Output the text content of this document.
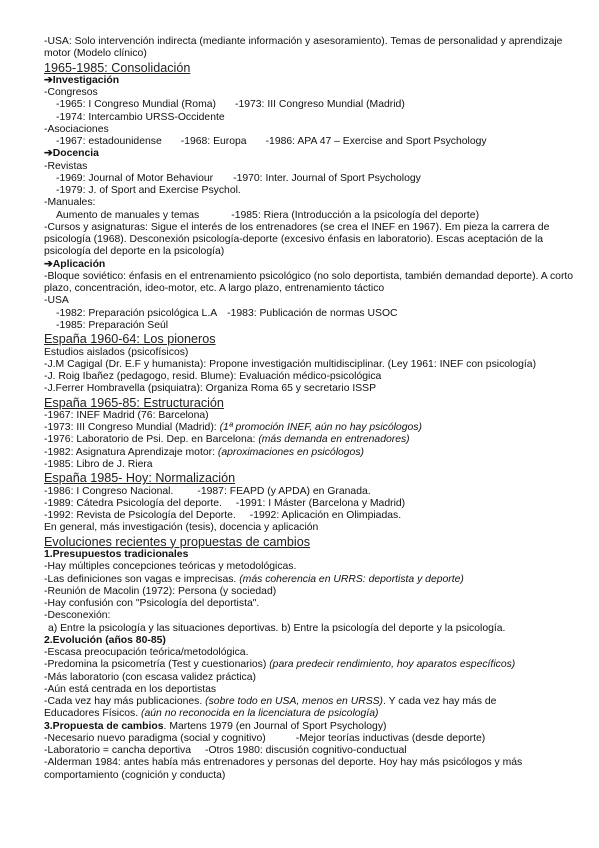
-USA: Solo intervención indirecta (mediante información y asesoramiento). Temas de personalidad y aprendizaje motor (Modelo clínico)
1965-1985: Consolidación
➔Investigación
-Congresos
-1965: I Congreso Mundial (Roma) -1973: III Congreso Mundial (Madrid)
-1974: Intercambio URSS-Occidente
-Asociaciones
-1967: estadounidense -1968: Europa -1986: APA 47 – Exercise and Sport Psychology
➔Docencia
-Revistas
-1969: Journal of Motor Behaviour -1970: Inter. Journal of Sport Psychology
-1979: J. of Sport and Exercise Psychol.
-Manuales:
Aumento de manuales y temas	-1985: Riera (Introducción a la psicología del deporte)
-Cursos y asignaturas: Sigue el interés de los entrenadores (se crea el INEF en 1967). Em pieza la carrera de psicología (1968). Desconexión psicología-deporte (excesivo énfasis en laboratorio). Escas aceptación de la psicología del deporte en la psicología)
➔Aplicación
-Bloque soviético: énfasis en el entrenamiento psicológico (no solo deportista, también demandad deporte). A corto plazo, concentración, ideo-motor, etc. A largo plazo, entrenamiento táctico
-USA
-1982: Preparación psicológica L.A -1983: Publicación de normas USOC
-1985: Preparación Seúl
España 1960-64: Los pioneros
Estudios aislados (psicofísicos)
-J.M Cagigal (Dr. E.F y humanista): Propone investigación multidisciplinar. (Ley 1961: INEF con psicología)
-J. Roig Ibañez (pedagogo, resid. Blume): Evaluación médico-psicológica
-J.Ferrer Hombravella (psiquiatra): Organiza Roma 65 y secretario ISSP
España 1965-85: Estructuración
-1967: INEF Madrid (76: Barcelona)
-1973: III Congreso Mundial (Madrid): (1ª promoción INEF, aún no hay psicólogos)
-1976: Laboratorio de Psi. Dep. en Barcelona: (más demanda en entrenadores)
-1982: Asignatura Aprendizaje motor: (aproximaciones en psicólogos)
-1985: Libro de J. Riera
España 1985- Hoy: Normalización
-1986: I Congreso Nacional. -1987: FEAPD (y APDA) en Granada.
-1989: Cátedra Psicología del deporte. -1991: I Máster (Barcelona y Madrid)
-1992: Revista de Psicología del Deporte. -1992: Aplicación en Olimpiadas.
En general, más investigación (tesis), docencia y aplicación
Evoluciones recientes y propuestas de cambios
1.Presupuestos tradicionales
-Hay múltiples concepciones teóricas y metodológicas.
-Las definiciones son vagas e imprecisas. (más coherencia en URRS: deportista y deporte)
-Reunión de Macolin (1972): Persona (y sociedad)
-Hay confusión con "Psicología del deportista".
-Desconexión:
a) Entre la psicología y las situaciones deportivas. b) Entre la psicología del deporte y la psicología.
2.Evolución (años 80-85)
-Escasa preocupación teórica/metodológica.
-Predomina la psicometría (Test y cuestionarios) (para predecir rendimiento, hoy aparatos específicos)
-Más laboratorio (con escasa validez práctica)
-Aún está centrada en los deportistas
-Cada vez hay más publicaciones. (sobre todo en USA, menos en URSS). Y cada vez hay más de
Educadores Físicos. (aún no reconocida en la licenciatura de psicología)
3.Propuesta de cambios. Martens 1979 (en Journal of Sport Psychology)
-Necesario nuevo paradigma (social y cognitivo)	-Mejor teorías inductivas (desde deporte)
-Laboratorio = cancha deportiva -Otros 1980: discusión cognitivo-conductual
-Alderman 1984: antes había más entrenadores y personas del deporte. Hoy hay más psicólogos y más comportamiento (cognición y conducta)
